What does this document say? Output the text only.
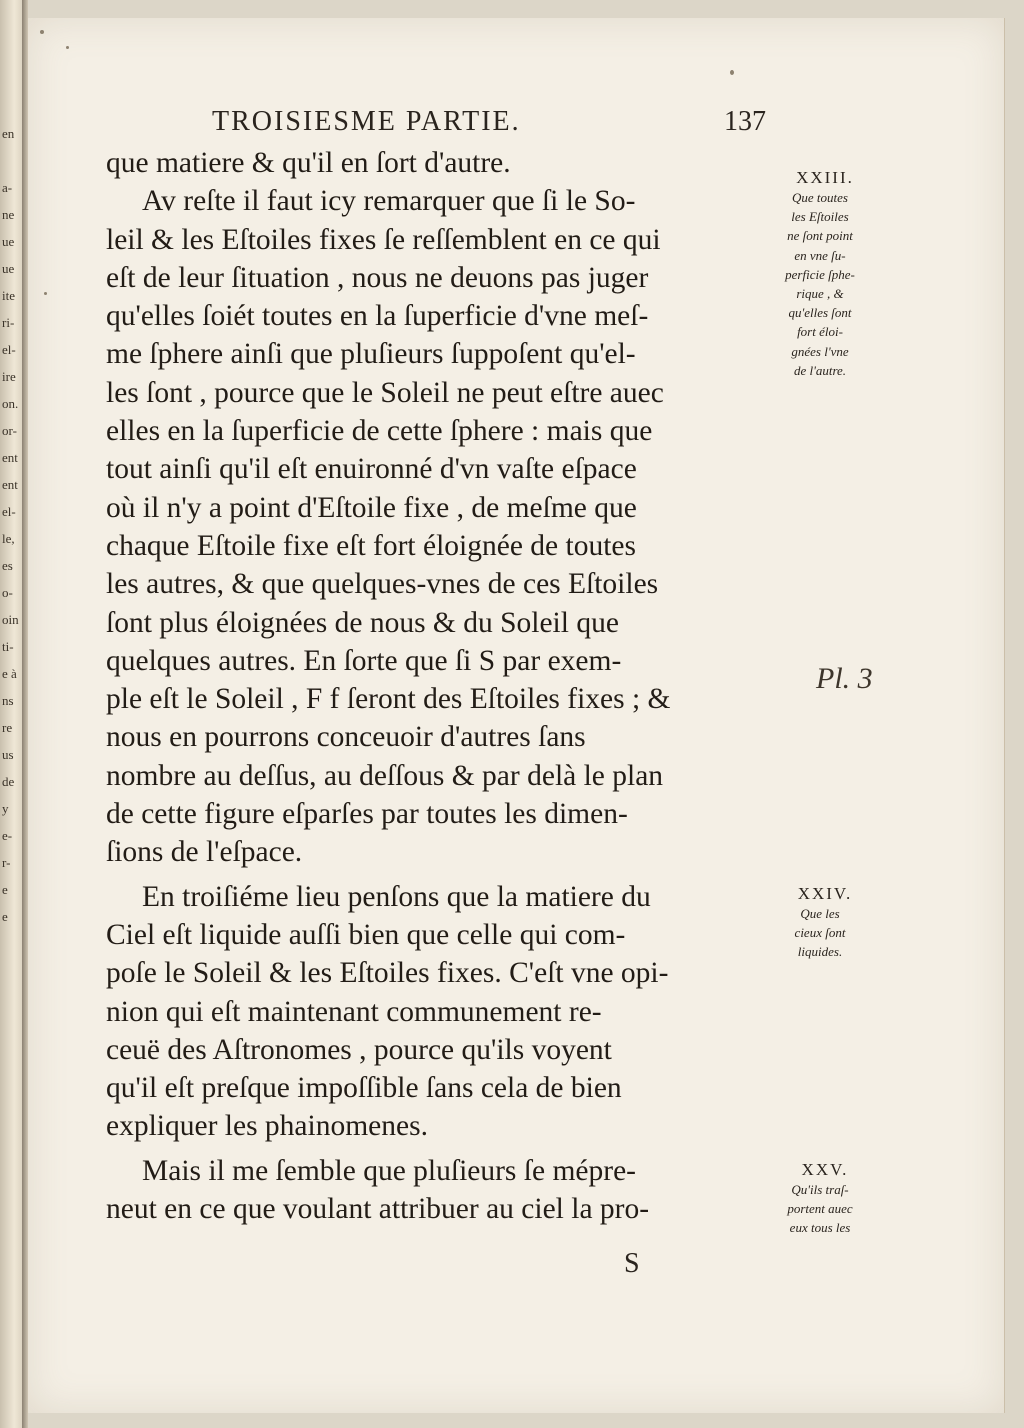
en
a-
ne
ue
ue
ite
ri-
el-
ire
on.
or-
ent
ent
el-
le,
es
o-
oin
ti-
e à
ns
re
us
de
y
e-
r-
e
e
TROISIESME PARTIE.	137
que matiere & qu'il en ſort d'autre.
Av reſte il faut icy remarquer que ſi le So-
leil & les Eſtoiles fixes ſe reſſemblent en ce qui
eſt de leur ſituation , nous ne deuons pas juger
qu'elles ſoiét toutes en la ſuperficie d'vne meſ-
me ſphere ainſi que pluſieurs ſuppoſent qu'el-
les ſont , pource que le Soleil ne peut eſtre auec
elles en la ſuperficie de cette ſphere : mais que
tout ainſi qu'il eſt enuironné d'vn vaſte eſpace
où il n'y a point d'Eſtoile fixe , de meſme que
chaque Eſtoile fixe eſt fort éloignée de toutes
les autres, & que quelques-vnes de ces Eſtoiles
ſont plus éloignées de nous & du Soleil que
quelques autres. En ſorte que ſi S par exem-
ple eſt le Soleil , F f ſeront des Eſtoiles fixes ; &
nous en pourrons conceuoir d'autres ſans
nombre au deſſus, au deſſous & par delà le plan
de cette figure eſparſes par toutes les dimen-
ſions de l'eſpace.
En troiſiéme lieu penſons que la matiere du
Ciel eſt liquide auſſi bien que celle qui com-
poſe le Soleil & les Eſtoiles fixes. C'eſt vne opi-
nion qui eſt maintenant communement re-
ceuë des Aſtronomes , pource qu'ils voyent
qu'il eſt preſque impoſſible ſans cela de bien
expliquer les phainomenes.
Mais il me ſemble que pluſieurs ſe mépre-
neut en ce que voulant attribuer au ciel la pro-
XXIII.
Que toutes
les Eſtoiles
ne ſont point
en vne ſu-
perficie ſphe-
rique , &
qu'elles ſont
fort éloi-
gnées l'vne
de l'autre.
Pl. 3
XXIV.
Que les
cieux ſont
liquides.
XXV.
Qu'ils traſ-
portent auec
eux tous les
S
